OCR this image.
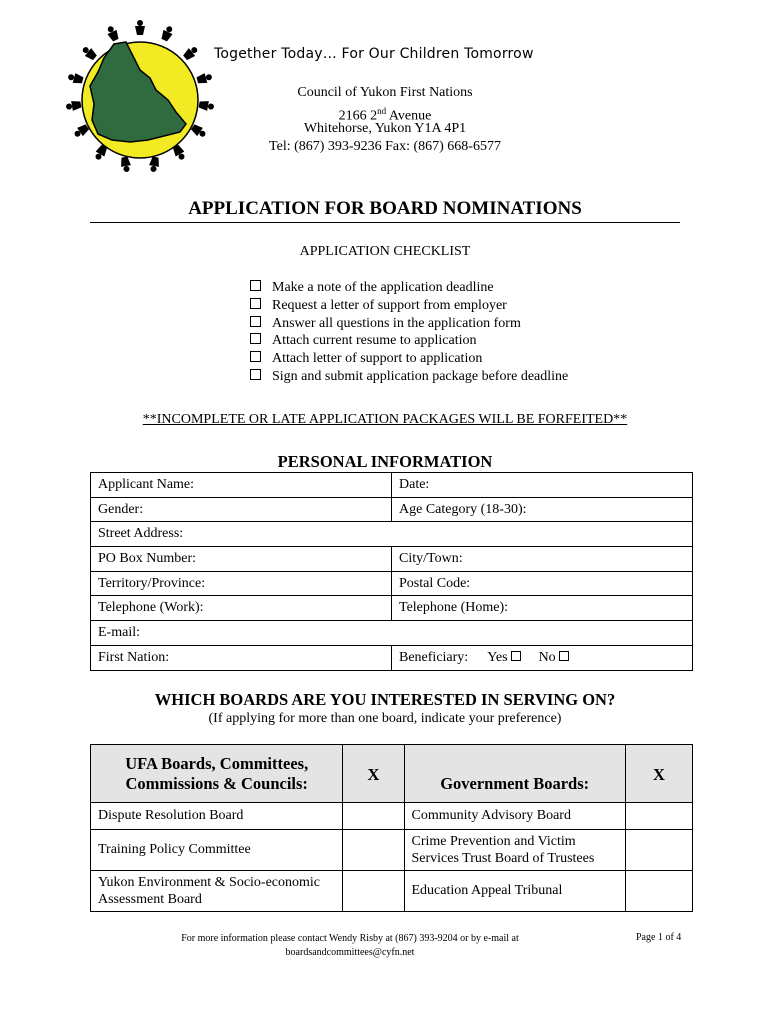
Together Today… For Our Children Tomorrow
Council of Yukon First Nations
2166 2nd Avenue
Whitehorse, Yukon Y1A 4P1
Tel: (867) 393-9236 Fax: (867) 668-6577
APPLICATION FOR BOARD NOMINATIONS
APPLICATION CHECKLIST
Make a note of the application deadline
Request a letter of support from employer
Answer all questions in the application form
Attach current resume to application
Attach letter of support to application
Sign and submit application package before deadline
**INCOMPLETE OR LATE APPLICATION PACKAGES WILL BE FORFEITED**
PERSONAL INFORMATION
Applicant Name:	Date:
Gender:	Age Category (18-30):
Street Address:	
PO Box Number:	City/Town:
Territory/Province:	Postal Code:
Telephone (Work):	Telephone (Home):
E-mail:	
First Nation:	Beneficiary: Yes No
WHICH BOARDS ARE YOU INTERESTED IN SERVING ON?
(If applying for more than one board, indicate your preference)
UFA Boards, Committees,
Commissions & Councils:	X	Government Boards:	X

Dispute Resolution Board		Community Advisory Board	

Training Policy Committee		Crime Prevention and Victim
Services Trust Board of Trustees	

Yukon Environment & Socio-economic
Assessment Board		Education Appeal Tribunal	

For more information please contact Wendy Risby at (867) 393-9204 or by e-mail at
boardsandcommittees@cyfn.net
Page 1 of 4
